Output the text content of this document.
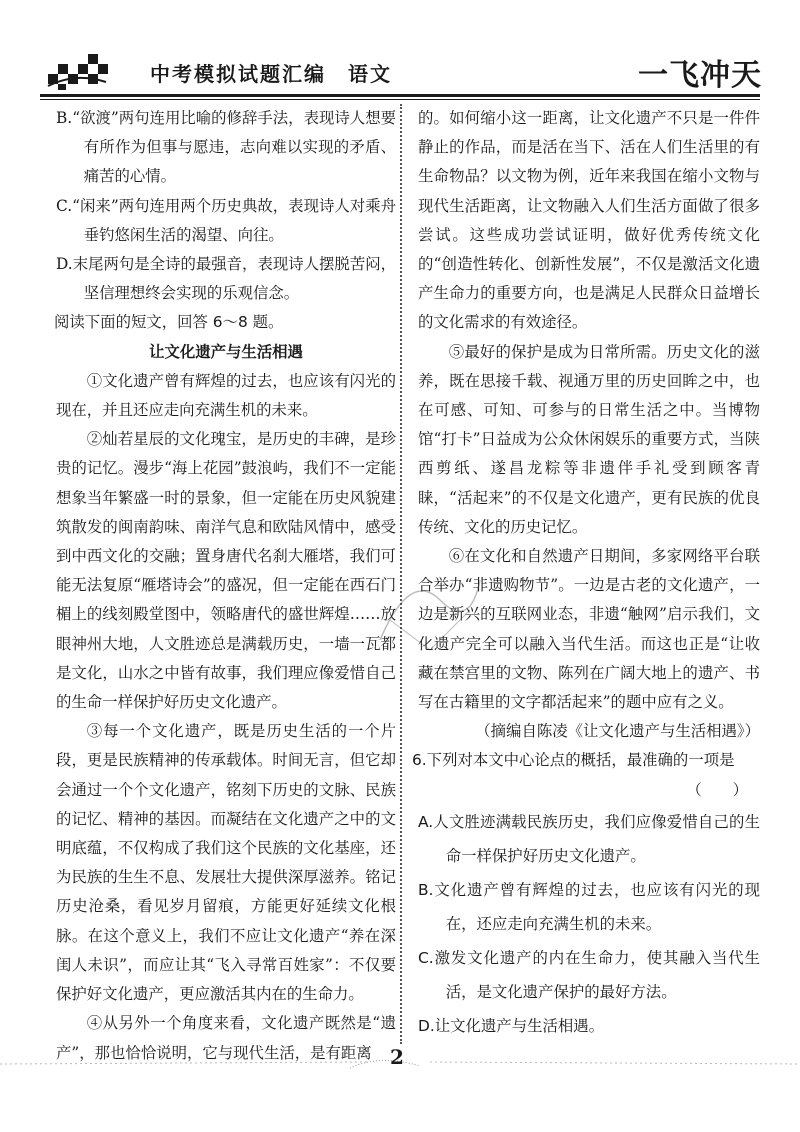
中考模拟试题汇编　语文	一飞冲天

B.“欲渡”两句连用比喻的修辞手法，表现诗人想要有所作为但事与愿违，志向难以实现的矛盾、痛苦的心情。

C.“闲来”两句连用两个历史典故，表现诗人对乘舟垂钓悠闲生活的渴望、向往。

D.末尾两句是全诗的最强音，表现诗人摆脱苦闷，坚信理想终会实现的乐观信念。

阅读下面的短文，回答 6～8 题。

让文化遗产与生活相遇

①文化遗产曾有辉煌的过去，也应该有闪光的现在，并且还应走向充满生机的未来。

②灿若星辰的文化瑰宝，是历史的丰碑，是珍贵的记忆。漫步“海上花园”鼓浪屿，我们不一定能想象当年繁盛一时的景象，但一定能在历史风貌建筑散发的闽南韵味、南洋气息和欧陆风情中，感受到中西文化的交融；置身唐代名刹大雁塔，我们可能无法复原“雁塔诗会”的盛况，但一定能在西石门楣上的线刻殿堂图中，领略唐代的盛世辉煌……放眼神州大地，人文胜迹总是满载历史，一墙一瓦都是文化，山水之中皆有故事，我们理应像爱惜自己的生命一样保护好历史文化遗产。

③每一个文化遗产，既是历史生活的一个片段，更是民族精神的传承载体。时间无言，但它却会通过一个个文化遗产，铭刻下历史的文脉、民族的记忆、精神的基因。而凝结在文化遗产之中的文明底蕴，不仅构成了我们这个民族的文化基座，还为民族的生生不息、发展壮大提供深厚滋养。铭记历史沧桑，看见岁月留痕，方能更好延续文化根脉。在这个意义上，我们不应让文化遗产“养在深闺人未识”，而应让其“飞入寻常百姓家”：不仅要保护好文化遗产，更应激活其内在的生命力。

④从另外一个角度来看，文化遗产既然是“遗产”，那也恰恰说明，它与现代生活，是有距离

的。如何缩小这一距离，让文化遗产不只是一件件静止的作品，而是活在当下、活在人们生活里的有生命物品？以文物为例，近年来我国在缩小文物与现代生活距离，让文物融入人们生活方面做了很多尝试。这些成功尝试证明，做好优秀传统文化的“创造性转化、创新性发展”，不仅是激活文化遗产生命力的重要方向，也是满足人民群众日益增长的文化需求的有效途径。

⑤最好的保护是成为日常所需。历史文化的滋养，既在思接千载、视通万里的历史回眸之中，也在可感、可知、可参与的日常生活之中。当博物馆“打卡”日益成为公众休闲娱乐的重要方式，当陕西剪纸、遂昌龙粽等非遗伴手礼受到顾客青睐，“活起来”的不仅是文化遗产，更有民族的优良传统、文化的历史记忆。

⑥在文化和自然遗产日期间，多家网络平台联合举办“非遗购物节”。一边是古老的文化遗产，一边是新兴的互联网业态，非遗“触网”启示我们，文化遗产完全可以融入当代生活。而这也正是“让收藏在禁宫里的文物、陈列在广阔大地上的遗产、书写在古籍里的文字都活起来”的题中应有之义。

（摘编自陈凌《让文化遗产与生活相遇》）

6.下列对本文中心论点的概括，最准确的一项是

（　　）

A.人文胜迹满载民族历史，我们应像爱惜自己的生命一样保护好历史文化遗产。

B.文化遗产曾有辉煌的过去，也应该有闪光的现在，还应走向充满生机的未来。

C.激发文化遗产的内在生命力，使其融入当代生活，是文化遗产保护的最好方法。

D.让文化遗产与生活相遇。

2
